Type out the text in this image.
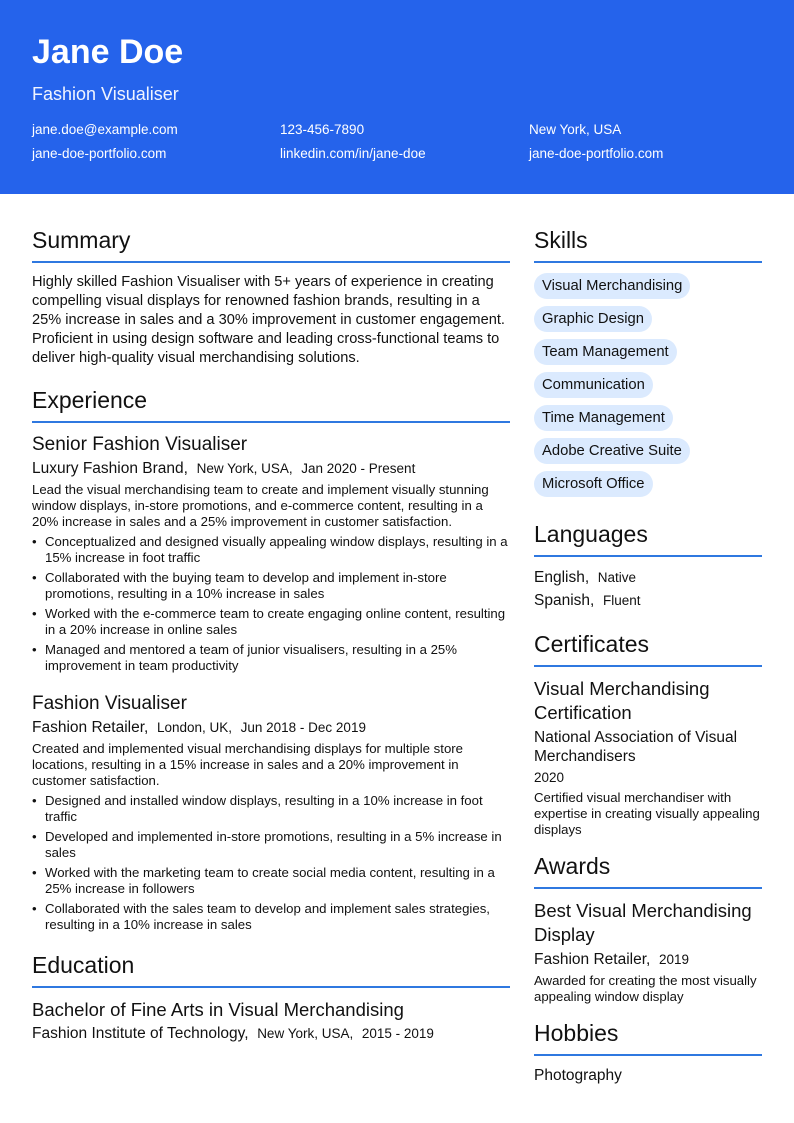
Jane Doe
Fashion Visualiser
jane.doe@example.com	123-456-7890	New York, USA
jane-doe-portfolio.com	linkedin.com/in/jane-doe	jane-doe-portfolio.com
Summary

Highly skilled Fashion Visualiser with 5+ years of experience in creating compelling visual displays for renowned fashion brands, resulting in a 25% increase in sales and a 30% improvement in customer engagement. Proficient in using design software and leading cross-functional teams to deliver high-quality visual merchandising solutions.

Experience
Senior Fashion Visualiser
Luxury Fashion Brand, New York, USA, Jan 2020 - Present

Lead the visual merchandising team to create and implement visually stunning window displays, in-store promotions, and e-commerce content, resulting in a 20% increase in sales and a 25% improvement in customer satisfaction.

• Conceptualized and designed visually appealing window displays, resulting in a 15% increase in foot traffic
• Collaborated with the buying team to develop and implement in-store promotions, resulting in a 10% increase in sales
• Worked with the e-commerce team to create engaging online content, resulting in a 20% increase in online sales
• Managed and mentored a team of junior visualisers, resulting in a 25% improvement in team productivity
Fashion Visualiser
Fashion Retailer, London, UK, Jun 2018 - Dec 2019

Created and implemented visual merchandising displays for multiple store locations, resulting in a 15% increase in sales and a 20% improvement in customer satisfaction.

• Designed and installed window displays, resulting in a 10% increase in foot traffic
• Developed and implemented in-store promotions, resulting in a 5% increase in sales
• Worked with the marketing team to create social media content, resulting in a 25% increase in followers
• Collaborated with the sales team to develop and implement sales strategies, resulting in a 10% increase in sales
Education
Bachelor of Fine Arts in Visual Merchandising
Fashion Institute of Technology, New York, USA, 2015 - 2019
Skills
Visual Merchandising
Graphic Design
Team Management
Communication
Time Management
Adobe Creative Suite
Microsoft Office
Languages
English, Native
Spanish, Fluent
Certificates
Visual Merchandising Certification
National Association of Visual Merchandisers
2020
Certified visual merchandiser with expertise in creating visually appealing displays
Awards
Best Visual Merchandising Display
Fashion Retailer, 2019
Awarded for creating the most visually appealing window display
Hobbies
Photography
